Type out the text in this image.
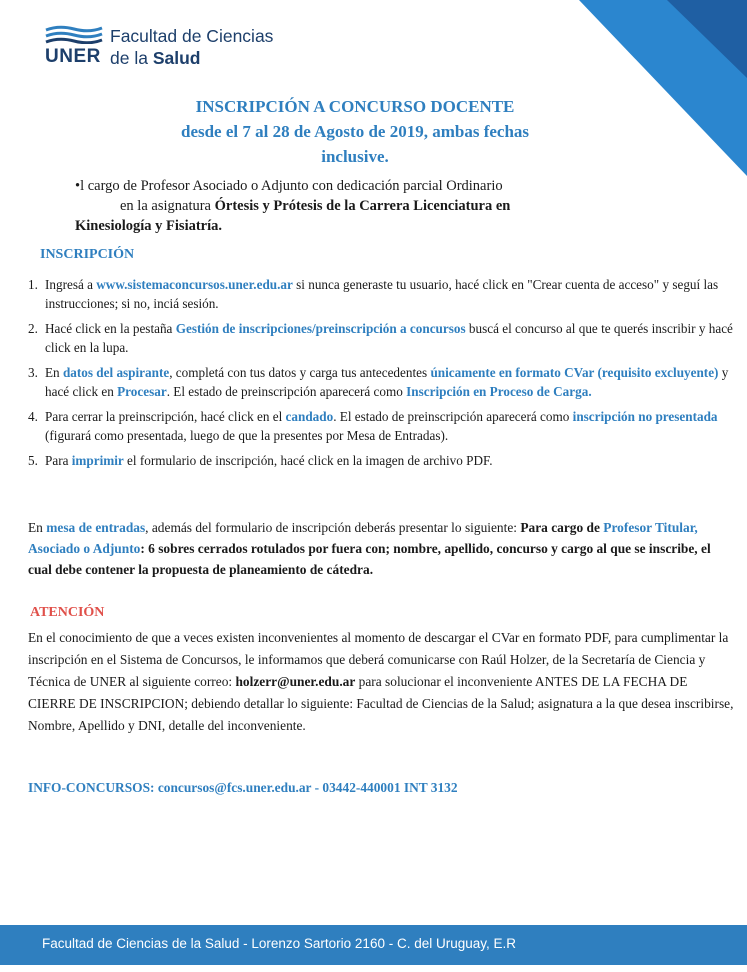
UNER
Facultad de Ciencias
de la Salud
INSCRIPCIÓN A CONCURSO DOCENTE
desde el 7 al 28 de Agosto de 2019, ambas fechas
inclusive.
•l cargo de Profesor Asociado o Adjunto con dedicación parcial Ordinario
en la asignatura Órtesis y Prótesis de la Carrera Licenciatura en
Kinesiología y Fisiatría.
INSCRIPCIÓN
1. Ingresá a www.sistemaconcursos.uner.edu.ar si nunca generaste tu usuario, hacé click en "Crear cuenta de acceso" y seguí las instrucciones; si no, inciá sesión.
2. Hacé click en la pestaña Gestión de inscripciones/preinscripción a concursos buscá el concurso al que te querés inscribir y hacé click en la lupa.
3. En datos del aspirante, completá con tus datos y carga tus antecedentes únicamente en formato CVar (requisito excluyente) y hacé click en Procesar. El estado de preinscripción aparecerá como Inscripción en Proceso de Carga.
4. Para cerrar la preinscripción, hacé click en el candado. El estado de preinscripción aparecerá como inscripción no presentada (figurará como presentada, luego de que la presentes por Mesa de Entradas).
5. Para imprimir el formulario de inscripción, hacé click en la imagen de archivo PDF.
En mesa de entradas, además del formulario de inscripción deberás presentar lo siguiente: Para cargo de Profesor Titular, Asociado o Adjunto: 6 sobres cerrados rotulados por fuera con; nombre, apellido, concurso y cargo al que se inscribe, el cual debe contener la propuesta de planeamiento de cátedra.
ATENCIÓN
En el conocimiento de que a veces existen inconvenientes al momento de descargar el CVar en formato PDF, para cumplimentar la inscripción en el Sistema de Concursos, le informamos que deberá comunicarse con Raúl Holzer, de la Secretaría de Ciencia y Técnica de UNER al siguiente correo: holzerr@uner.edu.ar para solucionar el inconveniente ANTES DE LA FECHA DE CIERRE DE INSCRIPCION; debiendo detallar lo siguiente: Facultad de Ciencias de la Salud; asignatura a la que desea inscribirse, Nombre, Apellido y DNI, detalle del inconveniente.
INFO-CONCURSOS: concursos@fcs.uner.edu.ar - 03442-440001 INT 3132
Facultad de Ciencias de la Salud - Lorenzo Sartorio 2160 - C. del Uruguay, E.R
